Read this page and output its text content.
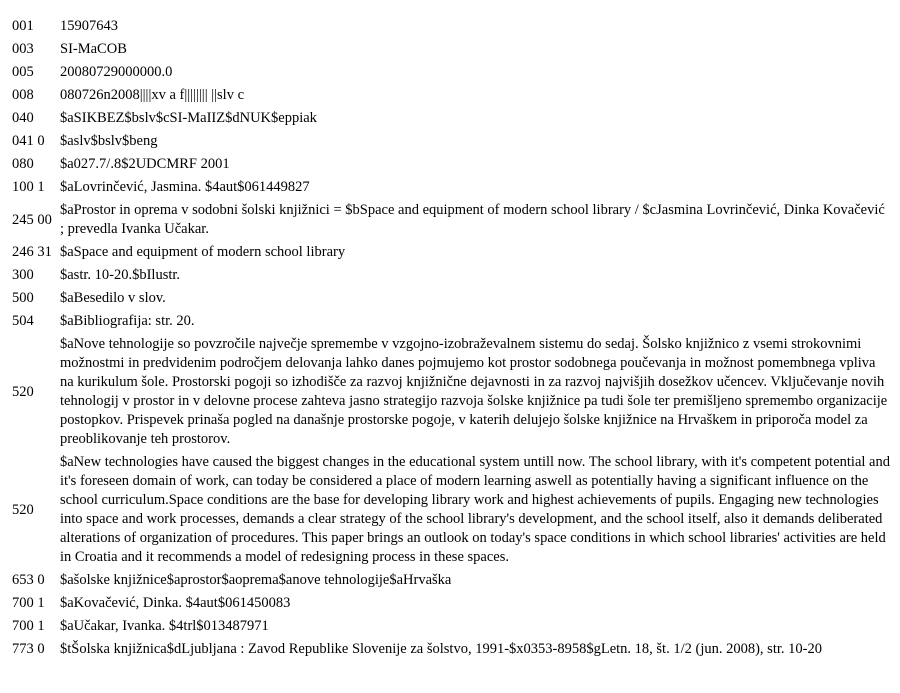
001	15907643
003	SI-MaCOB
005	20080729000000.0
008	080726n2008||||xv a f|||||||| ||slv c
040	$aSIKBEZ$bslv$cSI-MaIIZ$dNUK$eppiak
041 0	$aslv$bslv$beng
080	$a027.7/.8$2UDCMRF 2001
100 1	$aLovrinčević, Jasmina. $4aut$061449827
245 00	$aProstor in oprema v sodobni šolski knjižnici = $bSpace and equipment of modern school library / $cJasmina Lovrinčević, Dinka Kovačević ; prevedla Ivanka Učakar.
246 31	$aSpace and equipment of modern school library
300	$astr. 10-20.$bIlustr.
500	$aBesedilo v slov.
504	$aBibliografija: str. 20.
520	$aNove tehnologije so povzročile največje spremembe v vzgojno-izobraževalnem sistemu do sedaj. Šolsko knjižnico z vsemi strokovnimi možnostmi in predvidenim področjem delovanja lahko danes pojmujemo kot prostor sodobnega poučevanja in možnost pomembnega vpliva na kurikulum šole. Prostorski pogoji so izhodišče za razvoj knjižnične dejavnosti in za razvoj najvišjih dosežkov učencev. Vključevanje novih tehnologij v prostor in v delovne procese zahteva jasno strategijo razvoja šolske knjižnice pa tudi šole ter premišljeno spremembo organizacije postopkov. Prispevek prinaša pogled na današnje prostorske pogoje, v katerih delujejo šolske knjižnice na Hrvaškem in priporoča model za preoblikovanje teh prostorov.
520	$aNew technologies have caused the biggest changes in the educational system untill now. The school library, with it's competent potential and it's foreseen domain of work, can today be considered a place of modern learning aswell as potentially having a significant influence on the school curriculum.Space conditions are the base for developing library work and highest achievements of pupils. Engaging new technologies into space and work processes, demands a clear strategy of the school library's development, and the school itself, also it demands deliberated alterations of organization of procedures. This paper brings an outlook on today's space conditions in which school libraries' activities are held in Croatia and it recommends a model of redesigning process in these spaces.
653 0	$ašolske knjižnice$aprostor$aoprema$anove tehnologije$aHrvaška
700 1	$aKovačević, Dinka. $4aut$061450083
700 1	$aUčakar, Ivanka. $4trl$013487971
773 0	$tŠolska knjižnica$dLjubljana : Zavod Republike Slovenije za šolstvo, 1991-$x0353-8958$gLetn. 18, št. 1/2 (jun. 2008), str. 10-20
